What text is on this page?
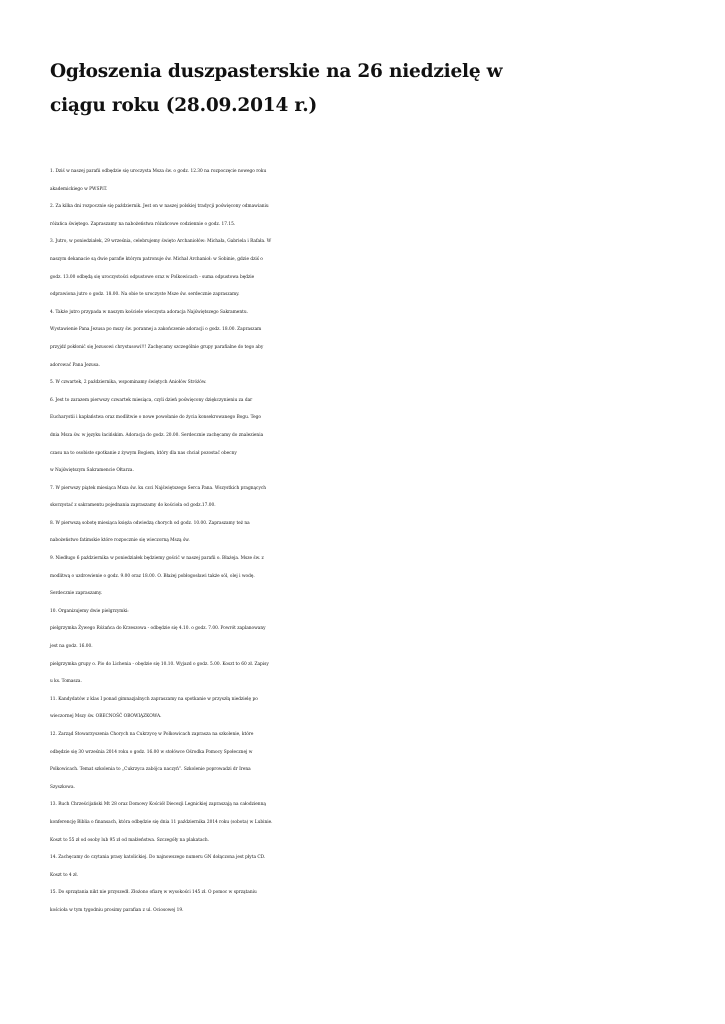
Ogłoszenia duszpasterskie na 26 niedzielę w
ciągu roku (28.09.2014 r.)
1. Dziś w naszej parafii odbędzie się uroczysta Msza św. o godz. 12.30 na rozpoczęcie nowego roku
akademickiego w PWSPiT.
2. Za kilka dni rozpocznie się październik. Jest on w naszej polskiej tradycji poświęcony odmawianiu
różańca świętego. Zapraszamy na nabożeństwa różańcowe codziennie o godz. 17.15.
3. Jutro, w poniedziałek, 29 września, celebrujemy święto Archaniołów: Michała, Gabriela i Rafała. W
naszym dekanacie są dwie parafie którym patronuje św. Michał Archanioł: w Sobinie, gdzie dziś o
godz. 13.00 odbędą się uroczystości odpustowe oraz w Polkowicach - suma odpustowa będzie
odprawiona jutro o godz. 18.00. Na obie te uroczyste Msze św. serdecznie zapraszamy.
4. Także jutro przypada w naszym kościele wieczysta adoracja Najświętszego Sakramentu.
Wystawienie Pana Jezusa po mszy św. porannej a zakończenie adoracji o godz. 18.00. Zapraszam
przyjdź pokłonić się Jezusowi chrystusowi!!! Zachęcamy szczególnie grupy parafialne do tego aby
adorować Pana Jezusa.
5. W czwartek, 2 października, wspominamy świętych Aniołów Stróżów.
6. Jest to zarazem pierwszy czwartek miesiąca, czyli dzień poświęcony dziękczynieniu za dar
Eucharystii i kapłaństwa oraz modlitwie o nowe powołanie do życia konsekrowanego Bogu. Tego
dnia Msza św. w języku łacińskim. Adoracja do godz. 20.00. Serdecznie zachęcamy do znalezienia
czasu na to osobiste spotkanie z żywym Bogiem, który dla nas chciał pozostać obecny
w Najświętszym Sakramencie Ołtarza.
7. W pierwszy piątek miesiąca Msza św. ku czci Najświętszego Serca Pana. Wszystkich pragnących
skorzystać z sakramentu pojednania zapraszamy do kościoła od godz.17.00.
8. W pierwszą sobotę miesiąca księża odwiedzą chorych od godz. 10.00. Zapraszamy też na
nabożeństwo fatimskie które rozpocznie się wieczorną Mszą św.
9. Niedługo 6 października w poniedziałek będziemy gościć w naszej parafii o. Błażeja. Msze św. z
modlitwą o uzdrowienie o godz. 9.00 oraz 18.00. O. Błażej pobłogosławi także sól, olej i wodę.
Serdecznie zapraszamy.
10. Organizujemy dwie pielgrzymki:
pielgrzymka Żywego Różańca do Krzeszowa - odbędzie się 4.10. o godz. 7.00. Powrót zaplanowany
jest na godz. 16.00.
pielgrzymka grupy o. Pio do Lichenia - obędzie się 10.10. Wyjazd o godz. 5.00. Koszt to 60 zł. Zapisy
u ks. Tomasza.
11. Kandydatów z klas I ponad gimnazjalnych zapraszamy na spotkanie w przyszłą niedzielę po
wieczornej Mszy św. OBECNOŚĆ OBOWIĄZKOWA.
12. Zarząd Stowarzyszenia Chorych na Cukrzycę w Polkowicach zaprasza na szkolenie, które
odbędzie się 30 września 2014 roku o godz. 16.00 w stołówce Ośrodka Pomocy Społecznej w
Polkowicach. Temat szkolenia to „Cukrzyca zabójca naczyń”. Szkolenie poprowadzi dr Irena
Szyszkowa.
13. Ruch Chrześcijański Mt 28 oraz Domowy Kościół Diecezji Legnickiej zapraszają na całodzienną
konferencję Biblia o finansach, która odbędzie się dnia 11 października 2014 roku (sobota) w Lubinie.
Koszt to 55 zł od osoby lub 95 zł od małżeństwa. Szczegóły na plakatach.
14. Zachęcamy do czytania prasy katolickiej. Do najnowszego numeru GN dołączona jest płyta CD.
Koszt to 4 zł.
15. Do sprzątania nikt nie przyszedł. Złożono ofiarę w wysokości 145 zł. O pomoc w sprzątaniu
kościoła w tym tygodniu prosimy parafian z ul. Ociosowej 19.
